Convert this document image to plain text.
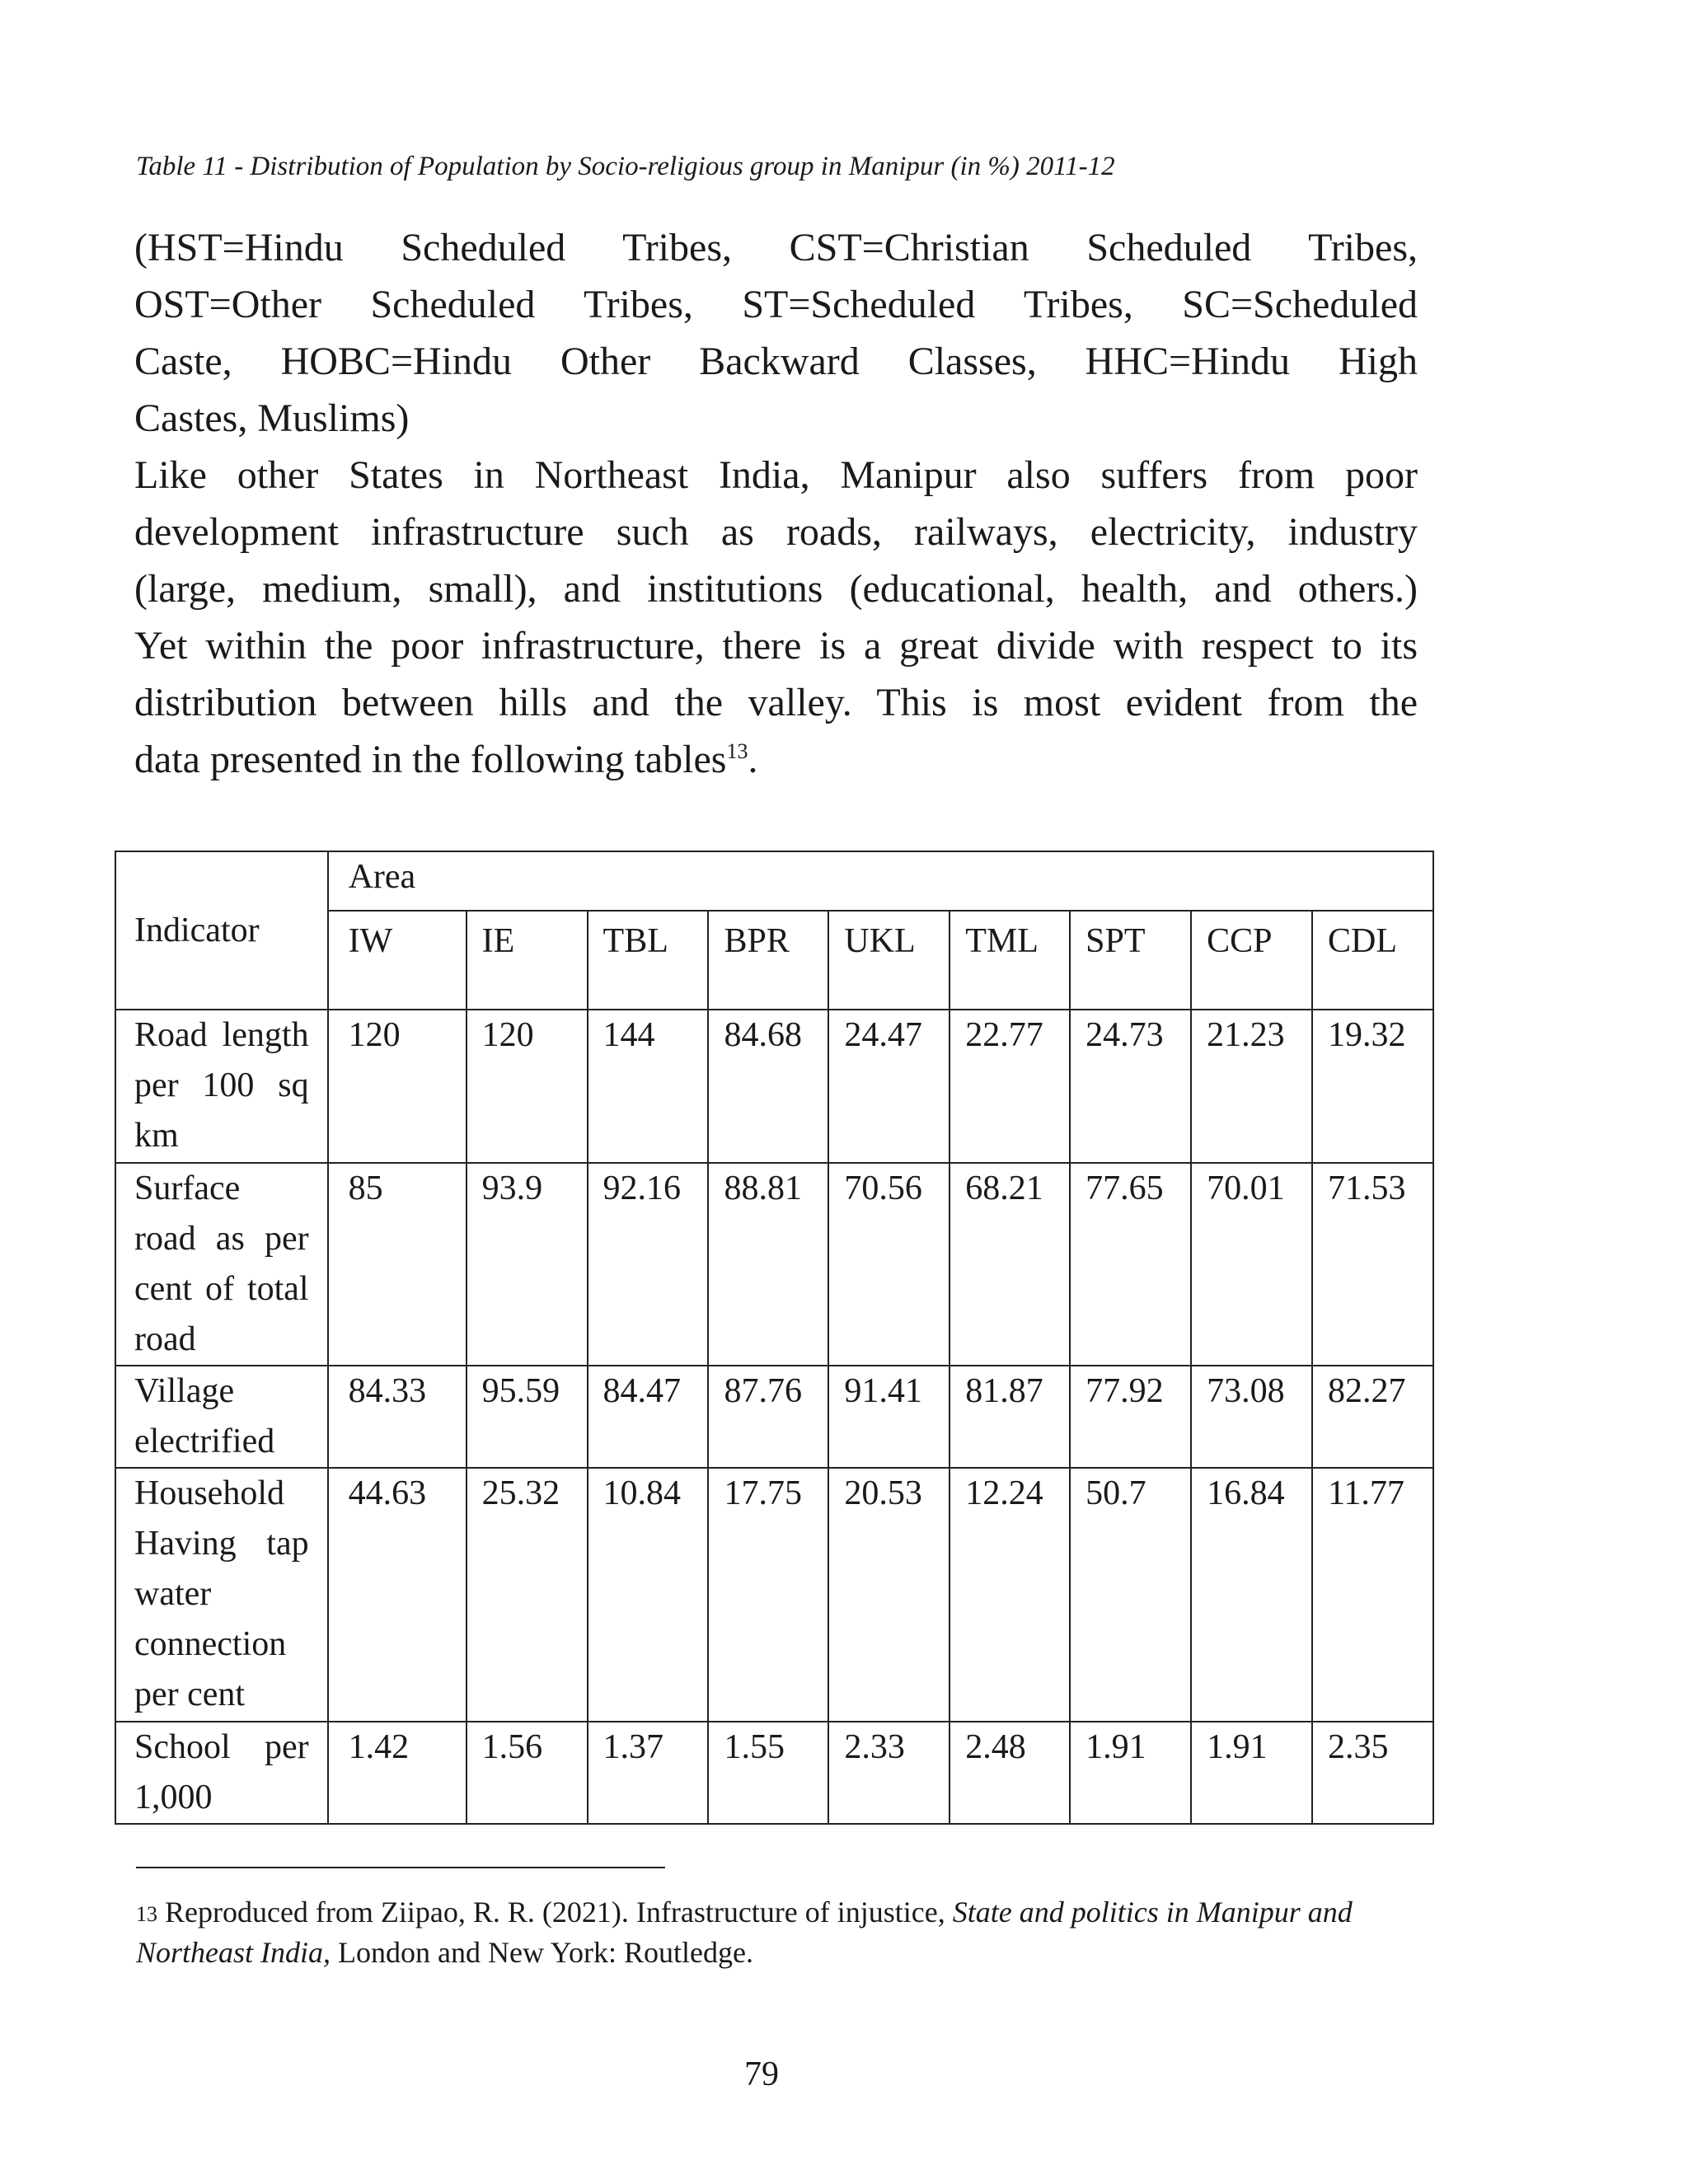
Table 11 - Distribution of Population by Socio-religious group in Manipur (in %) 2011-12

(HST=Hindu Scheduled Tribes, CST=Christian Scheduled Tribes,

OST=Other Scheduled Tribes, ST=Scheduled Tribes, SC=Scheduled

Caste, HOBC=Hindu Other Backward Classes, HHC=Hindu High

Castes, Muslims)

Like other States in Northeast India, Manipur also suffers from poor

development infrastructure such as roads, railways, electricity, industry

(large, medium, small), and institutions (educational, health, and others.)

Yet within the poor infrastructure, there is a great divide with respect to its

distribution between hills and the valley. This is most evident from the

data presented in the following tables$^{13}$.

Indicator	Area								
	IW	IE	TBL	BPR	UKL	TML	SPT	CCP	CDL
Road length per 100 sq km	120	120	144	84.68	24.47	22.77	24.73	21.23	19.32
Surface road as per cent of total road	85	93.9	92.16	88.81	70.56	68.21	77.65	70.01	71.53
Village electrified	84.33	95.59	84.47	87.76	91.41	81.87	77.92	73.08	82.27
Household Having tap water connection per cent	44.63	25.32	10.84	17.75	20.53	12.24	50.7	16.84	11.77
School per 1,000	1.42	1.56	1.37	1.55	2.33	2.48	1.91	1.91	2.35
$^{13}$ Reproduced from Ziipao, R. R. (2021). Infrastructure of injustice, State and politics in Manipur and Northeast India, London and New York: Routledge.
79
